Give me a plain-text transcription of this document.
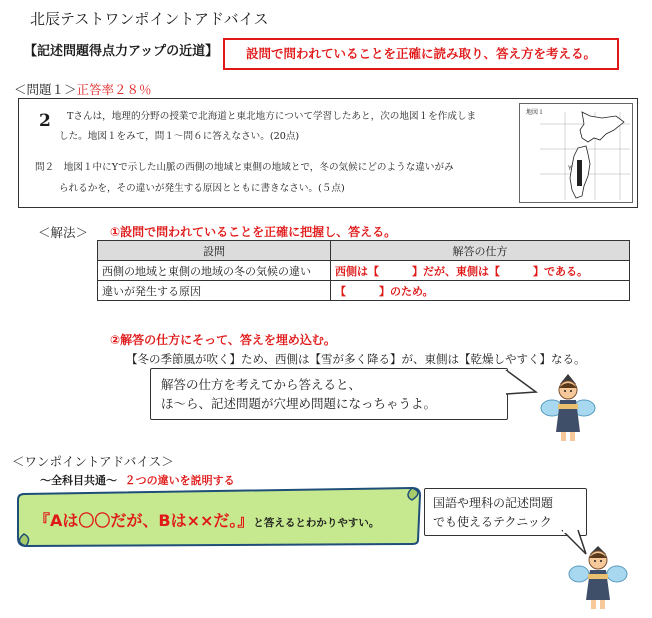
北辰テストワンポイントアドバイス
【記述問題得点力アップの近道】	設問で問われていることを正確に読み取り、答え方を考える。
＜問題１＞正答率２８％
2 Tさんは，地理的分野の授業で北海道と東北地方について学習したあと，次の地図１を作成しま
した。地図１をみて，問１～問６に答えなさい。(20点)
問２　地図１中にYで示した山脈の西側の地域と東側の地域とで，冬の気候にどのような違いがみ
られるかを，その違いが発生する原因とともに書きなさい。(５点)
地図１
Y
＜解法＞ ①設問で問われていることを正確に把握し、答える。
設問	解答の仕方
西側の地域と東側の地域の冬の気候の違い	西側は【　　　】だが、東側は【　　　】である。
違いが発生する原因	【　　　】のため。
②解答の仕方にそって、答えを埋め込む。
【冬の季節風が吹く】ため、西側は【雪が多く降る】が、東側は【乾燥しやすく】なる。
解答の仕方を考えてから答えると、
ほ～ら、記述問題が穴埋め問題になっちゃうよ。
＜ワンポイントアドバイス＞
～全科目共通～ ２つの違いを説明する
『Aは〇〇だが、Bは××だ。』と答えるとわかりやすい。
国語や理科の記述問題
でも使えるテクニック
